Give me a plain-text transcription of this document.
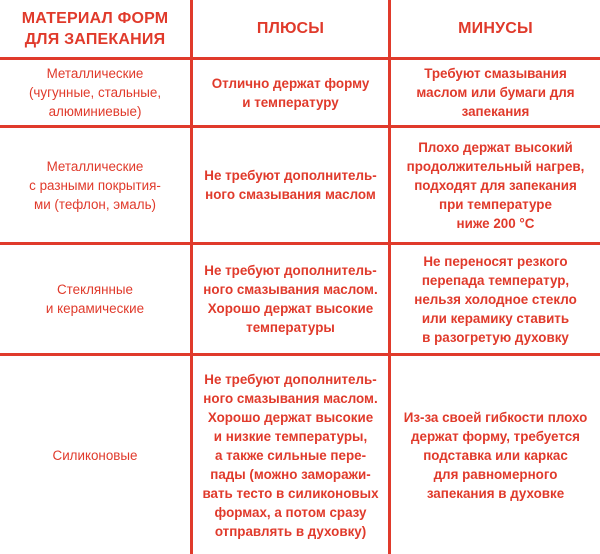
МАТЕРИАЛ ФОРМ
ДЛЯ ЗАПЕКАНИЯ
ПЛЮСЫ	МИНУСЫ
Металлические
(чугунные, стальные,
алюминиевые)
Отлично держат форму
и температуру
Требуют смазывания
маслом или бумаги для
запекания
Металлические
с разными покрытия-
ми (тефлон, эмаль)
Не требуют дополнитель-
ного смазывания маслом
Плохо держат высокий
продолжительный нагрев,
подходят для запекания
при температуре
ниже 200 °С
Стеклянные
и керамические
Не требуют дополнитель-
ного смазывания маслом.
Хорошо держат высокие
температуры
Не переносят резкого
перепада температур,
нельзя холодное стекло
или керамику ставить
в разогретую духовку
Силиконовые
Не требуют дополнитель-
ного смазывания маслом.
Хорошо держат высокие
и низкие температуры,
а также сильные пере-
пады (можно заморажи-
вать тесто в силиконовых
формах, а потом сразу
отправлять в духовку)
Из-за своей гибкости плохо
держат форму, требуется
подставка или каркас
для равномерного
запекания в духовке
